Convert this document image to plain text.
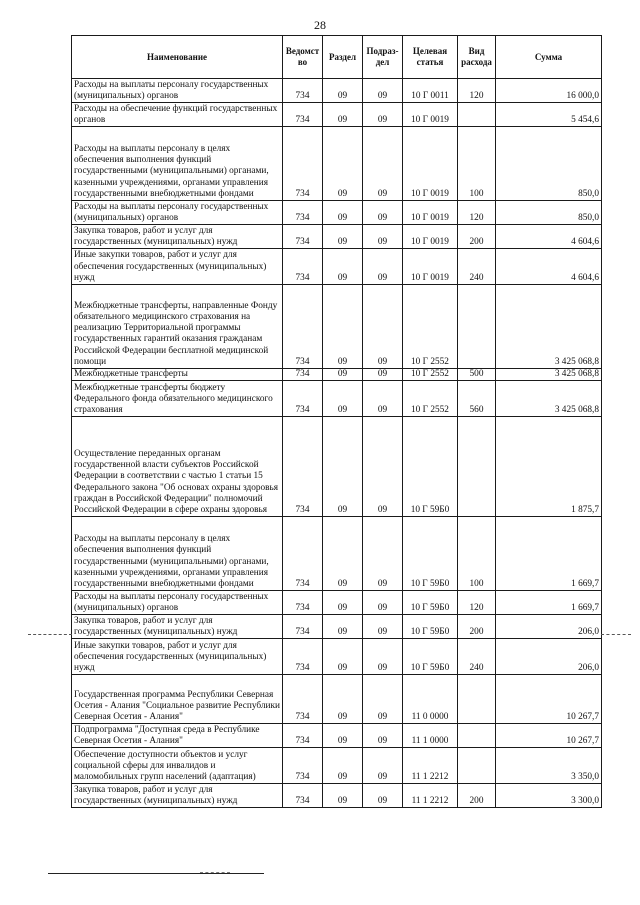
28
Наименование	Ведомст во	Раздел	Подраз- дел	Целевая статья	Вид расхода	Сумма
Расходы на выплаты персоналу государственных (муниципальных) органов	734	09	09	10 Г 0011	120	16 000,0
Расходы на обеспечение функций государственных органов	734	09	09	10 Г 0019		5 454,6
Расходы на выплаты персоналу в целях обеспечения выполнения функций государственными (муниципальными) органами, казенными учреждениями, органами управления государственными внебюджетными фондами	734	09	09	10 Г 0019	100	850,0
Расходы на выплаты персоналу государственных (муниципальных) органов	734	09	09	10 Г 0019	120	850,0
Закупка товаров, работ и услуг для государственных (муниципальных) нужд	734	09	09	10 Г 0019	200	4 604,6
Иные закупки товаров, работ и услуг для обеспечения государственных (муниципальных) нужд	734	09	09	10 Г 0019	240	4 604,6
Межбюджетные трансферты, направленные Фонду обязательного медицинского страхования на реализацию Территориальной программы государственных гарантий оказания гражданам Российской Федерации бесплатной медицинской помощи	734	09	09	10 Г 2552		3 425 068,8
Межбюджетные трансферты	734	09	09	10 Г 2552	500	3 425 068,8
Межбюджетные трансферты бюджету Федерального фонда обязательного медицинского страхования	734	09	09	10 Г 2552	560	3 425 068,8
Осуществление переданных органам государственной власти субъектов Российской Федерации в соответствии с частью 1 статьи 15 Федерального закона "Об основах охраны здоровья граждан в Российской Федерации" полномочий Российской Федерации в сфере охраны здоровья	734	09	09	10 Г 59Б0		1 875,7
Расходы на выплаты персоналу в целях обеспечения выполнения функций государственными (муниципальными) органами, казенными учреждениями, органами управления государственными внебюджетными фондами	734	09	09	10 Г 59Б0	100	1 669,7
Расходы на выплаты персоналу государственных (муниципальных) органов	734	09	09	10 Г 59Б0	120	1 669,7
Закупка товаров, работ и услуг для государственных (муниципальных) нужд	734	09	09	10 Г 59Б0	200	206,0
Иные закупки товаров, работ и услуг для обеспечения государственных (муниципальных) нужд	734	09	09	10 Г 59Б0	240	206,0
Государственная программа Республики Северная Осетия - Алания "Социальное развитие Республики Северная Осетия - Алания"	734	09	09	11 0 0000		10 267,7
Подпрограмма "Доступная среда в Республике Северная Осетия - Алания"	734	09	09	11 1 0000		10 267,7
Обеспечение доступности объектов и услуг социальной сферы для инвалидов и маломобильных групп населений (адаптация)	734	09	09	11 1 2212		3 350,0
Закупка товаров, работ и услуг для государственных (муниципальных) нужд	734	09	09	11 1 2212	200	3 300,0
